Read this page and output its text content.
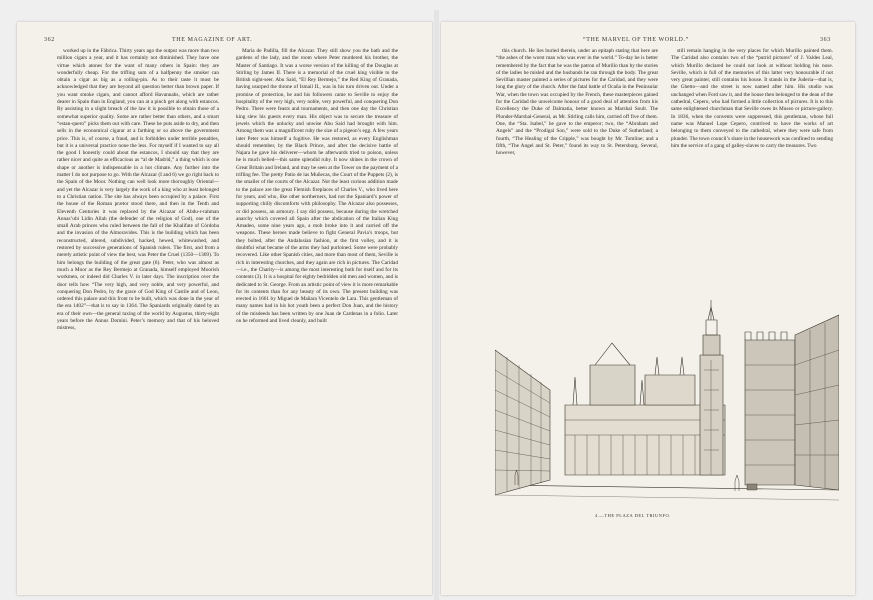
362	THE MAGAZINE OF ART.

worked up in the Fábrica. Thirty years ago the output was more than two million cigars a year, and it has certainly not diminished. They have one virtue which atones for the want of many others in Spain: they are wonderfully cheap. For the trifling sum of a halfpenny the smoker can obtain a cigar as big as a rolling-pin. As to their taste it must be acknowledged that they are beyond all question better than brown paper. If you want smoke cigars, and cannot afford Havannahs, which are rather dearer in Spain than in England, you can at a pinch get along with estancos. By assisting in a slight breach of the law it is possible to obtain those of a somewhat superior quality. Some are rather better than others, and a smart “estan-quero” picks them out with care. These he puts aside to dry, and then sells in the economical cigarar at a farthing or so above the government price. This is, of course, a fraud, and is forbidden under terrible penalties, but it is a universal practice none the less. For myself if I wanted to say all the good I honestly could about the estancos, I should say that they are rather nicer and quite as efficacious as “al de Madrid,” a thing which is one shape or another is indispensable in a hot climate. Any further into the matter I do not purpose to go. With the Alcazar (I and 6) we go right back to the Spain of the Moor. Nothing can well look more thoroughly Oriental—and yet the Alcazar is very largely the work of a king who at least belonged to a Christian nation. The site has always been occupied by a palace. First the house of the Roman prætor stood there, and then in the Tenth and Eleventh Centuries it was replaced by the Alcazar of Abdu-r-rahman Annas’ubi Lidin Allah (the defender of the religion of God), one of the small Arab princes who ruled between the fall of the Khalifate of Córdoba and the invasion of the Almoravides. This is the building which has been reconstructed, altered, subdivided, hacked, hewed, whitewashed, and restored by successive generations of Spanish rulers. The first, and from a merely artistic point of view the best, was Peter the Cruel (1350—1369). To him belongs the building of the great gate (6). Peter, who was almost as much a Moor as the Rey Bermejo at Granada, himself employed Moorish workmen, or indeed did Charles V. in later days. The inscription over the door tells how “The very high, and very noble, and very powerful, and conquering Don Pedro, by the grace of God King of Castile and of Leon, ordered this palace and this front to be built, which was done in the year of the era 1402”—that is to say in 1364. The Spaniards originally dated by an era of their own—the general taxing of the world by Augustus, thirty-eight years before the Annus Domini. Peter’s memory and that of his beloved mistress,

Maria de Padilla, fill the Alcazar. They still show you the bath and the gardens of the lady, and the room where Peter murdered his brother, the Master of Santiago. It was a worse version of the killing of the Douglas at Stirling by James II. There is a memorial of the cruel king visible to the British sight-seer. Abu Said, “El Rey Bermejo,” the Red King of Granada, having usurped the throne of Ismail II., was in his turn driven out. Under a promise of protection, he and his followers came to Seville to enjoy the hospitality of the very high, very noble, very powerful, and conquering Don Pedro. There were feasts and tournaments, and then one day the Christian king slew his guests every man. His object was to secure the treasure of jewels which the unlucky and unwise Abu Said had brought with him. Among them was a magnificent ruby the size of a pigeon’s egg. A few years later Peter was himself a fugitive. He was restored, as every Englishman should remember, by the Black Prince, and after the decisive battle of Najara he gave his deliverer—whom he afterwards tried to poison, unless he is much belied—this same splendid ruby. It now shines in the crown of Great Britain and Ireland, and may be seen at the Tower on the payment of a trifling fee. The pretty Patio de las Muñecas, the Court of the Puppets (2), is the smaller of the courts of the Alcazar. Not the least curious addition made to the palace are the great Flemish fireplaces of Charles V., who lived here for years, and who, like other northerners, had not the Spaniard’s power of supporting chilly discomforts with philosophy. The Alcazar also possesses, or did possess, an armoury. I say did possess, because during the wretched anarchy which covered all Spain after the abdication of the Italian King Amadeo, some nine years ago, a mob broke into it and carried off the weapons. These heroes made believe to fight General Pavia’s troops, but they bolted, after the Andalusian fashion, at the first volley, and it is doubtful what became of the arms they had purloined. Some were probably recovered. Like other Spanish cities, and more than most of them, Seville is rich in interesting churches, and they again are rich in pictures. The Caridad—i.e., the Charity—is among the most interesting both for itself and for its contents (3). It is a hospital for eighty bedridden old men and women, and is dedicated to St. George. From an artistic point of view it is more remarkable for its contents than for any beauty of its own. The present building was erected in 1661 by Miguel de Mañara Vicentelo de Lara. This gentleman of many names had in his hot youth been a perfect Don Juan, and the history of the misdeeds has been written by one Juan de Cardenas in a folio. Later on he reformed and lived cleanly, and built

“THE MARVEL OF THE WORLD.”	363

this church. He lies buried therein, under an epitaph stating that here are “the ashes of the worst man who was ever in the world.” To-day he is better remembered by the fact that he was the patron of Murillo than by the stories of the ladies he misled and the husbands he ran through the body. The great Sevillian master painted a series of pictures for the Caridad, and they were long the glory of the church. After the fatal battle of Ocaña in the Peninsular War, when the town was occupied by the French, these masterpieces gained for the Caridad the unwelcome honour of a good deal of attention from his Excellency the Duke of Dalmatia, better known as Marshal Soult. The Plunder-Marshal-General, as Mr. Stirling calls him, carried off five of them. One, the “Sta. Isabel,” he gave to the emperor; two, the “Abraham and Angels” and the “Prodigal Son,” were sold to the Duke of Sutherland; a fourth, “The Healing of the Cripple,” was bought by Mr. Tomline; and a fifth, “The Angel and St. Peter,” found its way to St. Petersburg. Several, however,

still remain hanging in the very places for which Murillo painted them. The Caridad also contains two of the “putrid pictures” of J. Valdes Leal, which Murillo declared he could not look at without holding his nose. Seville, which is full of the memories of this latter very honourable if not very great painter, still contains his house. It stands in the Juderia—that is, the Ghetto—and the street is now named after him. His studio was unchanged when Ford saw it, and the house then belonged to the dean of the cathedral, Cepero, who had formed a little collection of pictures. It is to this same enlightened churchman that Seville owes its Museo or picture-gallery. In 1836, when the convents were suppressed, this gentleman, whose full name was Manuel Lope Cepero, contrived to have the works of art belonging to them conveyed to the cathedral, where they were safe from plunder. The town council’s share in the housework was confined to sending him the service of a gang of galley-slaves to carry the treasures. Two

4.—THE PLAZA DEL TRIUNFO.
